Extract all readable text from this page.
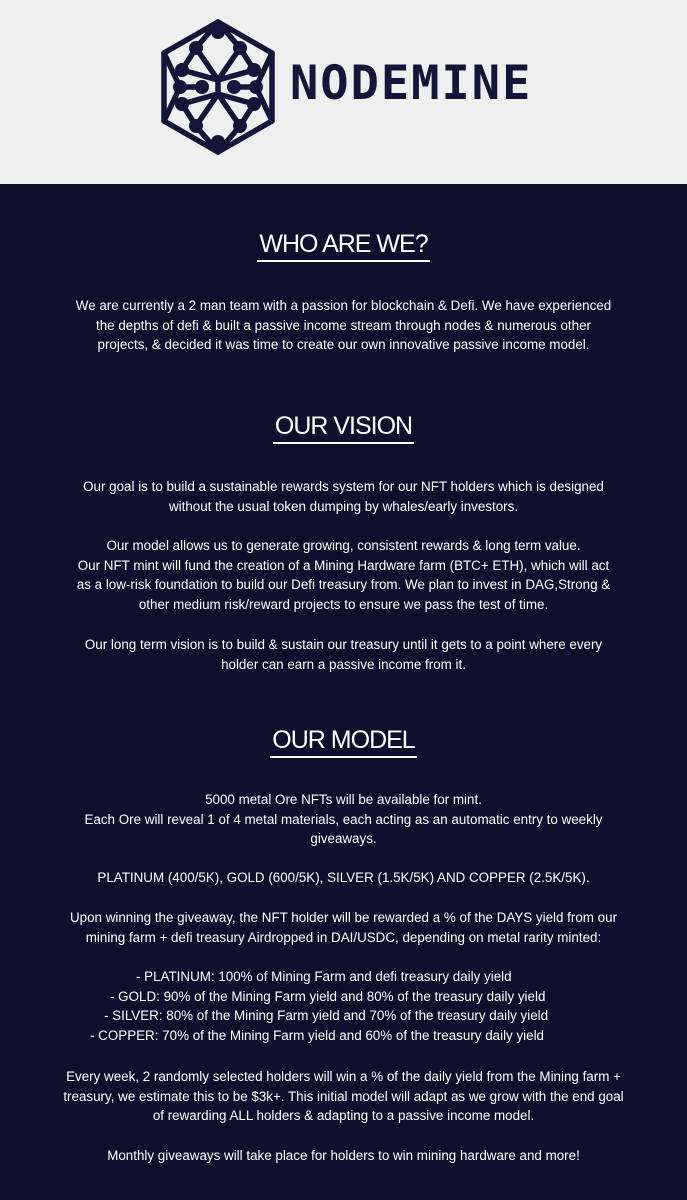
NODEMINE
WHO ARE WE?
We are currently a 2 man team with a passion for blockchain & Defi. We have experienced
the depths of defi & built a passive income stream through nodes & numerous other
projects, & decided it was time to create our own innovative passive income model.
OUR VISION
Our goal is to build a sustainable rewards system for our NFT holders which is designed
without the usual token dumping by whales/early investors.
Our model allows us to generate growing, consistent rewards & long term value.
Our NFT mint will fund the creation of a Mining Hardware farm (BTC+ ETH), which will act
as a low-risk foundation to build our Defi treasury from. We plan to invest in DAG,Strong &
other medium risk/reward projects to ensure we pass the test of time.
Our long term vision is to build & sustain our treasury until it gets to a point where every
holder can earn a passive income from it.
OUR MODEL
5000 metal Ore NFTs will be available for mint.
Each Ore will reveal 1 of 4 metal materials, each acting as an automatic entry to weekly
giveaways.
PLATINUM (400/5K), GOLD (600/5K), SILVER (1.5K/5K) AND COPPER (2.5K/5K).
Upon winning the giveaway, the NFT holder will be rewarded a % of the DAYS yield from our
mining farm + defi treasury Airdropped in DAI/USDC, depending on metal rarity minted:
- PLATINUM: 100% of Mining Farm and defi treasury daily yield
- GOLD: 90% of the Mining Farm yield and 80% of the treasury daily yield
- SILVER: 80% of the Mining Farm yield and 70% of the treasury daily yield
- COPPER: 70% of the Mining Farm yield and 60% of the treasury daily yield
Every week, 2 randomly selected holders will win a % of the daily yield from the Mining farm +
treasury, we estimate this to be $3k+. This initial model will adapt as we grow with the end goal
of rewarding ALL holders & adapting to a passive income model.
Monthly giveaways will take place for holders to win mining hardware and more!
